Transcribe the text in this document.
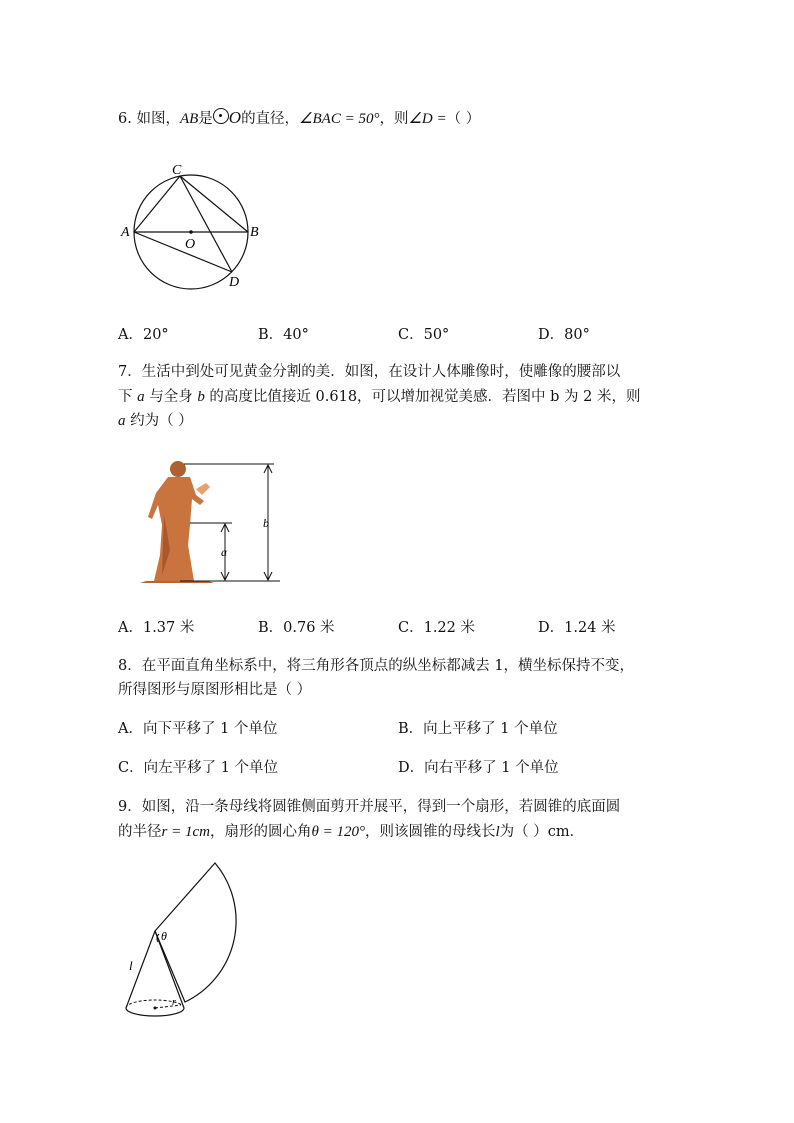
6. 如图，AB是 O的直径，∠BAC = 50°，则∠D =（ ）
C
A
O
B
D
A．20°	B．40°	C．50°	D．80°
7．生活中到处可见黄金分割的美．如图，在设计人体雕像时，使雕像的腰部以
下 a 与全身 b 的高度比值接近 0.618，可以增加视觉美感．若图中 b 为 2 米，则
a 约为（ ）
b
a
A．1.37 米	B．0.76 米	C．1.22 米	D．1.24 米
8．在平面直角坐标系中，将三角形各顶点的纵坐标都减去 1，横坐标保持不变，
所得图形与原图形相比是（ ）
A．向下平移了 1 个单位	B．向上平移了 1 个单位
C．向左平移了 1 个单位	D．向右平移了 1 个单位
9．如图，沿一条母线将圆锥侧面剪开并展平，得到一个扇形，若圆锥的底面圆
的半径r = 1cm，扇形的圆心角θ = 120°，则该圆锥的母线长l为（ ）cm．
θ
l
r
